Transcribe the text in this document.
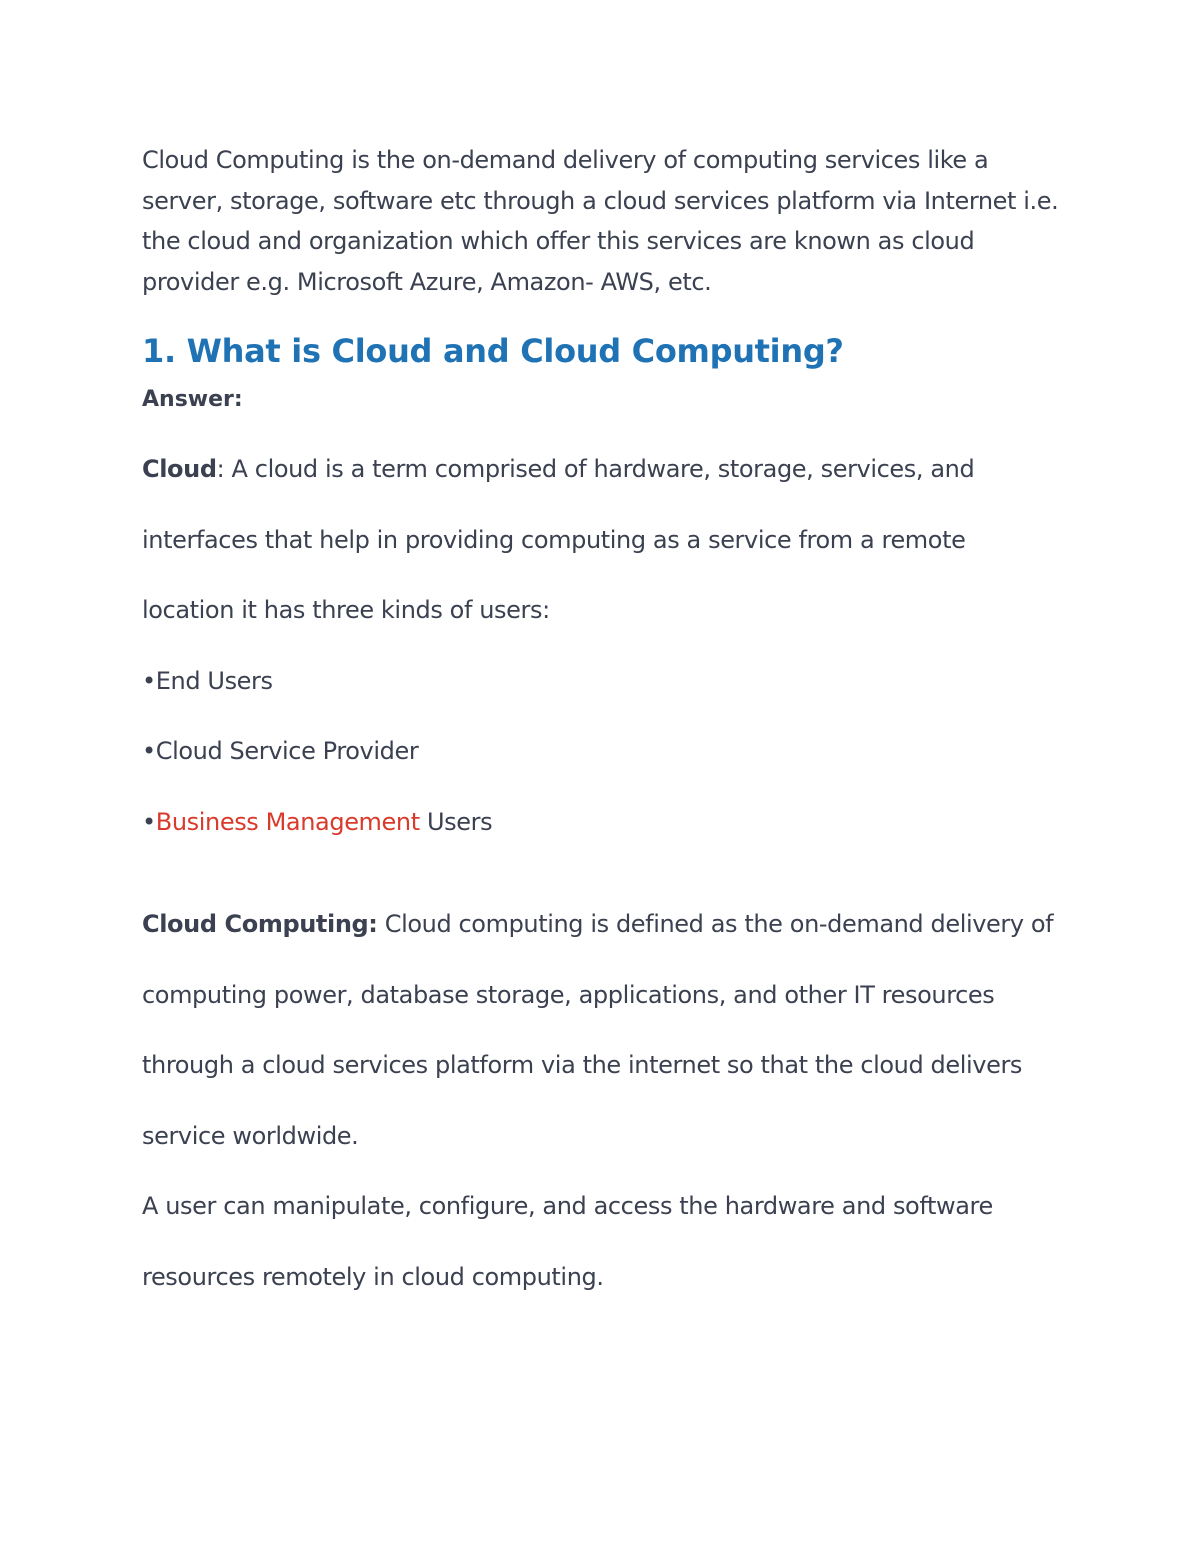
Cloud Computing is the on-demand delivery of computing services like a
server, storage, software etc through a cloud services platform via Internet i.e.
the cloud and organization which offer this services are known as cloud
provider e.g. Microsoft Azure, Amazon- AWS, etc.

1. What is Cloud and Cloud Computing?

Answer:

Cloud: A cloud is a term comprised of hardware, storage, services, and

interfaces that help in providing computing as a service from a remote

location it has three kinds of users:

•End Users

•Cloud Service Provider

•Business Management Users

Cloud Computing: Cloud computing is defined as the on-demand delivery of

computing power, database storage, applications, and other IT resources

through a cloud services platform via the internet so that the cloud delivers

service worldwide.

A user can manipulate, configure, and access the hardware and software

resources remotely in cloud computing.
